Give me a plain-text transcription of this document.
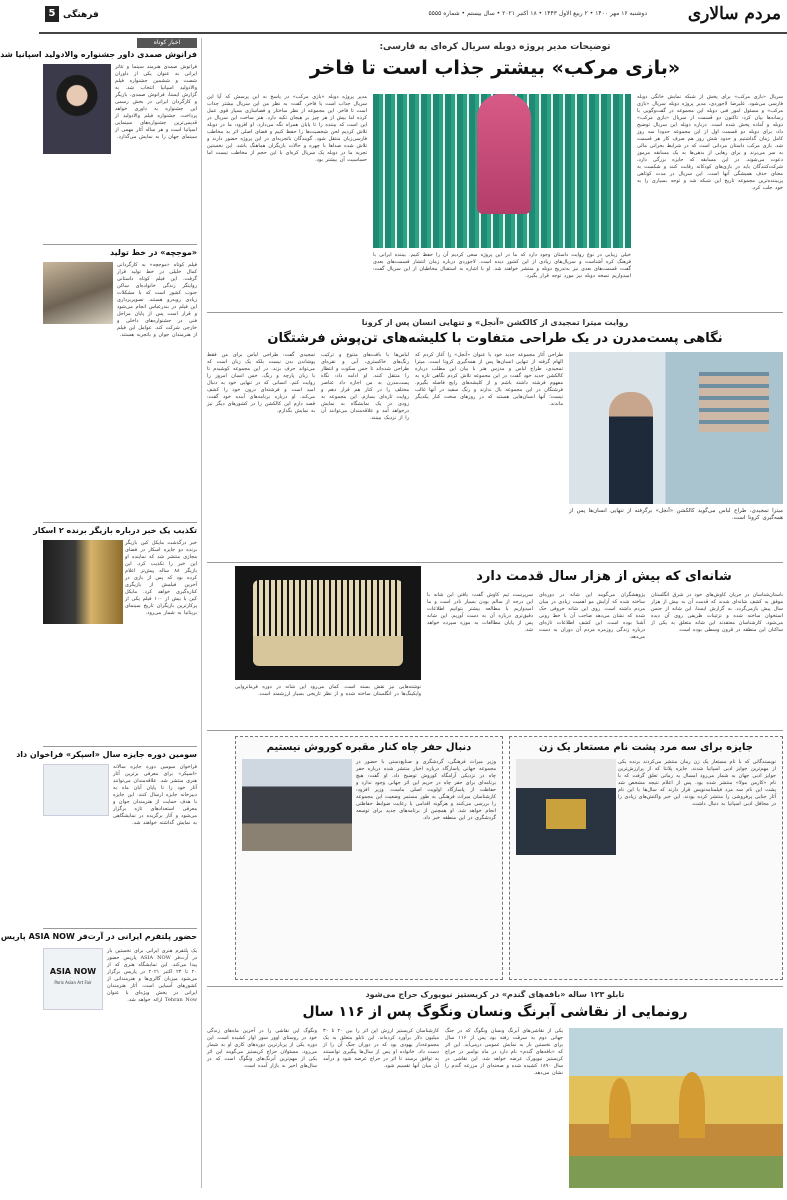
مردم سالاری
دوشنبه ۱۶ مهر ۱۴۰۰ • ۲ ربیع الاول ۱۴۴۳ • ۱۸ اکتبر ۲۰۲۱ • سال بیستم • شماره ۵۵۵۵
فرهنگی
5
اخبار کوتاه
فرانوش صمدی داور جشنواره والادولید اسپانیا شد
فرانوش صمدی هنرمند سینما و تئاتر ایرانی به عنوان یکی از داوران شصت و ششمین جشنواره فیلم والادولید اسپانیا انتخاب شد. به گزارش ایسنا، فرانوش صمدی، بازیگر و کارگردان ایرانی در بخش رسمی این جشنواره به داوری خواهد پرداخت. جشنواره فیلم والادولید از قدیمی‌ترین جشنواره‌های سینمایی اسپانیا است و هر ساله آثار مهمی از سینمای جهان را به نمایش می‌گذارد.
«موجچه» در خط تولید
فیلم کوتاه «موجچه» به کارگردانی کمال خلیلی در خط تولید قرار گرفت. این فیلم کوتاه داستانی روایتگر زندگی خانواده‌ای ساکن جنوب کشور است که با مشکلات زیادی روبه‌رو هستند. تصویربرداری این فیلم در بندرعباس انجام می‌شود و قرار است پس از پایان مراحل فنی در جشنواره‌های داخلی و خارجی شرکت کند. عوامل این فیلم از هنرمندان جوان و باتجربه هستند.
تکذیب یک خبر درباره بازیگر برنده ۲ اسکار
خبر درگذشت مایکل کین بازیگر برنده دو جایزه اسکار در فضای مجازی منتشر شد که نماینده او این خبر را تکذیب کرد. این بازیگر ۸۸ ساله پیش‌تر اعلام کرده بود که پس از بازی در آخرین فیلمش از بازیگری کناره‌گیری خواهد کرد. مایکل کین با بیش از ۱۰۰ فیلم یکی از پرکارترین بازیگران تاریخ سینمای بریتانیا به شمار می‌رود.
سومین دوره جایزه سال «اسپکر» فراخوان داد
فراخوان سومین دوره جایزه سالانه «اسپکر» برای معرفی برترین آثار هنری منتشر شد. علاقه‌مندان می‌توانند آثار خود را تا پایان آبان ماه به دبیرخانه جایزه ارسال کنند. این جایزه با هدف حمایت از هنرمندان جوان و معرفی استعدادهای تازه برگزار می‌شود و آثار برگزیده در نمایشگاهی به نمایش گذاشته خواهند شد.
حضور پلتفرم ایرانی در آرت‌فر ASIA NOW پاریس
ASIA NOW
Paris Asian Art Fair
یک پلتفرم هنری ایرانی برای نخستین بار در آرت‌فر ASIA NOW پاریس حضور پیدا می‌کند. این نمایشگاه هنری که از ۲۰ تا ۲۴ اکتبر ۲۰۲۱ در پاریس برگزار می‌شود میزبان گالری‌ها و هنرمندانی از کشورهای آسیایی است. آثار هنرمندان ایرانی در بخش ویژه‌ای با عنوان Tehran Now ارائه خواهد شد.
توضیحات مدیر پروژه دوبله سریال کره‌ای به فارسی:
«بازی مرکب» بیشتر جذاب است تا فاخر
سریال «بازی مرکب» برای پخش از شبکه نمایش خانگی دوبله فارسی می‌شود. علیرضا لاجوردی، مدیر پروژه دوبله سریال «بازی مرکب» و مسئول امور فنی دوبله این مجموعه در گفت‌وگویی با رسانه‌ها بیان کرد: تاکنون دو قسمت از سریال «بازی مرکب» دوبله و آماده پخش شده است. درباره دوبله این سریال توضیح داد: برای دوبله دو قسمت اول از این مجموعه حدودا سه روز کامل زمان گذاشتیم و حدود شش روز هم صرف کار هر قسمت شد. بازی مرکب داستان مردانی است که در شرایط بحرانی مالی به سر می‌برند و برای رهایی از بدهی‌ها به یک مسابقه مرموز دعوت می‌شوند. در این مسابقه که جایزه بزرگی دارد، شرکت‌کنندگان باید در بازی‌های کودکانه رقابت کنند و شکست به معنای حذف همیشگی آنها است. این سریال در مدت کوتاهی پربیننده‌ترین مجموعه تاریخ این شبکه شد و توجه بسیاری را به خود جلب کرد.
مدیر پروژه دوبله «بازی مرکب» در پاسخ به این پرسش که آیا این سریال جذاب است یا فاخر، گفت: به نظر من این سریال بیشتر جذاب است تا فاخر. این مجموعه از نظر ساختار و فضاسازی بسیار قوی عمل کرده اما بیش از هر چیز بر هیجان تکیه دارد. هنر ساخت این سریال در این است که بیننده را تا پایان همراه نگه می‌دارد. او افزود: ما در دوبله تلاش کردیم لحن شخصیت‌ها را حفظ کنیم و فضای اصلی اثر به مخاطب فارسی‌زبان منتقل شود. گویندگان باتجربه‌ای در این پروژه حضور دارند و تلاش شده صداها با چهره و حالات بازیگران هماهنگ باشد. این نخستین تجربه ما در دوبله یک سریال کره‌ای با این حجم از مخاطب نیست اما حساسیت آن بیشتر بود.
خیلی زیبایی در نوع روایت داستان وجود دارد که ما در این پروژه سعی کردیم آن را حفظ کنیم. بیننده ایرانی با فرهنگ کره آشناست و سریال‌های زیادی از این کشور دیده است. لاجوردی درباره زمان انتشار قسمت‌های بعدی گفت: قسمت‌های بعدی نیز به‌تدریج دوبله و منتشر خواهند شد. او با اشاره به استقبال مخاطبان از این سریال گفت: امیدواریم نسخه دوبله نیز مورد توجه قرار بگیرد.
روایت میترا تمجیدی از کالکشن «آنجل» و تنهایی انسان پس از کرونا
نگاهی پست‌مدرن در یک طراحی متفاوت با کلیشه‌های تن‌پوش فرشتگان
میترا تمجیدی، طراح لباس می‌گوید کالکشن «آنجل» برگرفته از تنهایی انسان‌ها پس از همه‌گیری کرونا است.
طراحی آثار مجموعه جدید خود با عنوان «آنجل» را آغاز کردم که الهام گرفته از تنهایی انسان‌ها پس از همه‌گیری کرونا است. میترا تمجیدی، طراح لباس و مدرس هنر با بیان این مطلب درباره کالکشن جدید خود گفت: در این مجموعه تلاش کردم نگاهی تازه به مفهوم فرشته داشته باشم و از کلیشه‌های رایج فاصله بگیرم. فرشتگان در این مجموعه بال ندارند و رنگ سفید در آنها غالب نیست؛ آنها انسان‌هایی هستند که در روزهای سخت کنار یکدیگر ماندند.
لباس‌ها با بافت‌های متنوع و ترکیب رنگ‌های خاکستری، آبی و نقره‌ای طراحی شده‌اند تا حس سکوت و انتظار را منتقل کنند. او ادامه داد: نگاه پست‌مدرن به من اجازه داد عناصر مختلف را در کنار هم قرار دهم و روایت تازه‌ای بسازم. این مجموعه به زودی در یک نمایشگاه به نمایش درخواهد آمد و علاقه‌مندان می‌توانند آن را از نزدیک ببینند.
تمجیدی گفت: طراحی لباس برای من فقط پوشاندن بدن نیست بلکه یک زبان است که می‌تواند حرف بزند. در این مجموعه کوشیدم تا با زبان پارچه و رنگ، حس انسان امروز را روایت کنم. انسانی که در تنهایی خود به دنبال امید است و فرشته‌ای درون خود را کشف می‌کند. او درباره برنامه‌های آینده خود گفت: قصد دارم این کالکشن را در کشورهای دیگر نیز به نمایش بگذارم.
شانه‌ای که بیش از هزار سال قدمت دارد
نوشته‌هایی نیز نقش بسته است. کمان می‌رود این شانه در دوره فرمانروایی وایکینگ‌ها در انگلستان ساخته شده و از نظر تاریخی بسیار ارزشمند است.
باستان‌شناسان در جریان کاوش‌های خود در شرق انگلستان موفق به کشف شانه‌ای شدند که قدمت آن به بیش از هزار سال پیش بازمی‌گردد. به گزارش ایسنا، این شانه از جنس استخوان ساخته شده و تزئینات ظریفی روی آن دیده می‌شود. کارشناسان معتقدند این شانه متعلق به یکی از ساکنان این منطقه در قرون وسطی بوده است.
پژوهشگران می‌گویند این شانه در دوره‌ای ساخته شده که آرایش مو اهمیت زیادی در میان مردم داشته است. روی این شانه حروفی حک شده که نشان می‌دهد صاحب آن با خط رونی آشنا بوده است. این کشف اطلاعات تازه‌ای درباره زندگی روزمره مردم آن دوران به دست می‌دهد.
سرپرست تیم کاوش گفت: یافتن این شانه با این درجه از سالم بودن بسیار نادر است و ما امیدواریم با مطالعه بیشتر بتوانیم اطلاعات دقیق‌تری درباره آن به دست آوریم. این شانه پس از پایان مطالعات به موزه سپرده خواهد شد.
جایزه برای سه مرد پشت نام مستعار یک زن
نویسندگانی که با نام مستعار یک زن رمان منتشر می‌کردند برنده یکی از مهم‌ترین جوایز ادبی اسپانیا شدند. جایزه پلانتا که از پرارزش‌ترین جوایز ادبی جهان به شمار می‌رود امسال به رمانی تعلق گرفت که با نام «کارمن مولا» منتشر شده بود. پس از اعلام نتیجه مشخص شد پشت این نام سه مرد فیلمنامه‌نویس قرار دارند که سال‌ها با این نام آثار جنایی پرفروشی را منتشر کرده بودند. این خبر واکنش‌های زیادی را در محافل ادبی اسپانیا به دنبال داشت.
دنبال حفر چاه کنار مقبره کوروش نیستیم
وزیر میراث فرهنگی، گردشگری و صنایع‌دستی با حضور در مجموعه جهانی پاسارگاد درباره اخبار منتشر شده درباره حفر چاه در نزدیکی آرامگاه کوروش توضیح داد. او گفت: هیچ برنامه‌ای برای حفر چاه در حریم این اثر جهانی وجود ندارد و حفاظت از پاسارگاد اولویت اصلی ماست. وزیر افزود: کارشناسان میراث فرهنگی به طور مستمر وضعیت این مجموعه را بررسی می‌کنند و هرگونه اقدامی با رعایت ضوابط حفاظتی انجام خواهد شد. او همچنین از برنامه‌های جدید برای توسعه گردشگری در این منطقه خبر داد.
تابلو ۱۲۳ ساله «بافه‌های گندم» در کریستیز نیویورک حراج می‌شود
رونمایی از نقاشی آبرنگ ونسان ونگوگ پس از ۱۱۶ سال
یکی از نقاشی‌های آبرنگ ونسان ونگوگ که در جنگ جهانی دوم به سرقت رفته بود پس از ۱۱۶ سال برای نخستین بار به نمایش عمومی درمی‌آید. این اثر که «بافه‌های گندم» نام دارد در ماه نوامبر در حراج کریستیز نیویورک عرضه خواهد شد. این نقاشی در سال ۱۸۹۰ کشیده شده و صحنه‌ای از مزرعه گندم را نشان می‌دهد.
کارشناسان کریستیز ارزش این اثر را بین ۲۰ تا ۳۰ میلیون دلار برآورد کرده‌اند. این تابلو متعلق به یک مجموعه‌دار یهودی بود که در دوران جنگ آن را از دست داد. خانواده او پس از سال‌ها پیگیری توانستند به توافق برسند تا اثر در حراج عرضه شود و درآمد آن میان آنها تقسیم شود.
ونگوگ این نقاشی را در آخرین ماه‌های زندگی خود در روستای اوور سور اواز کشیده است. این دوره یکی از پربارترین دوره‌های کاری او به شمار می‌رود. مسئولان حراج کریستیز می‌گویند این اثر یکی از مهم‌ترین آبرنگ‌های ونگوگ است که در سال‌های اخیر به بازار آمده است.
